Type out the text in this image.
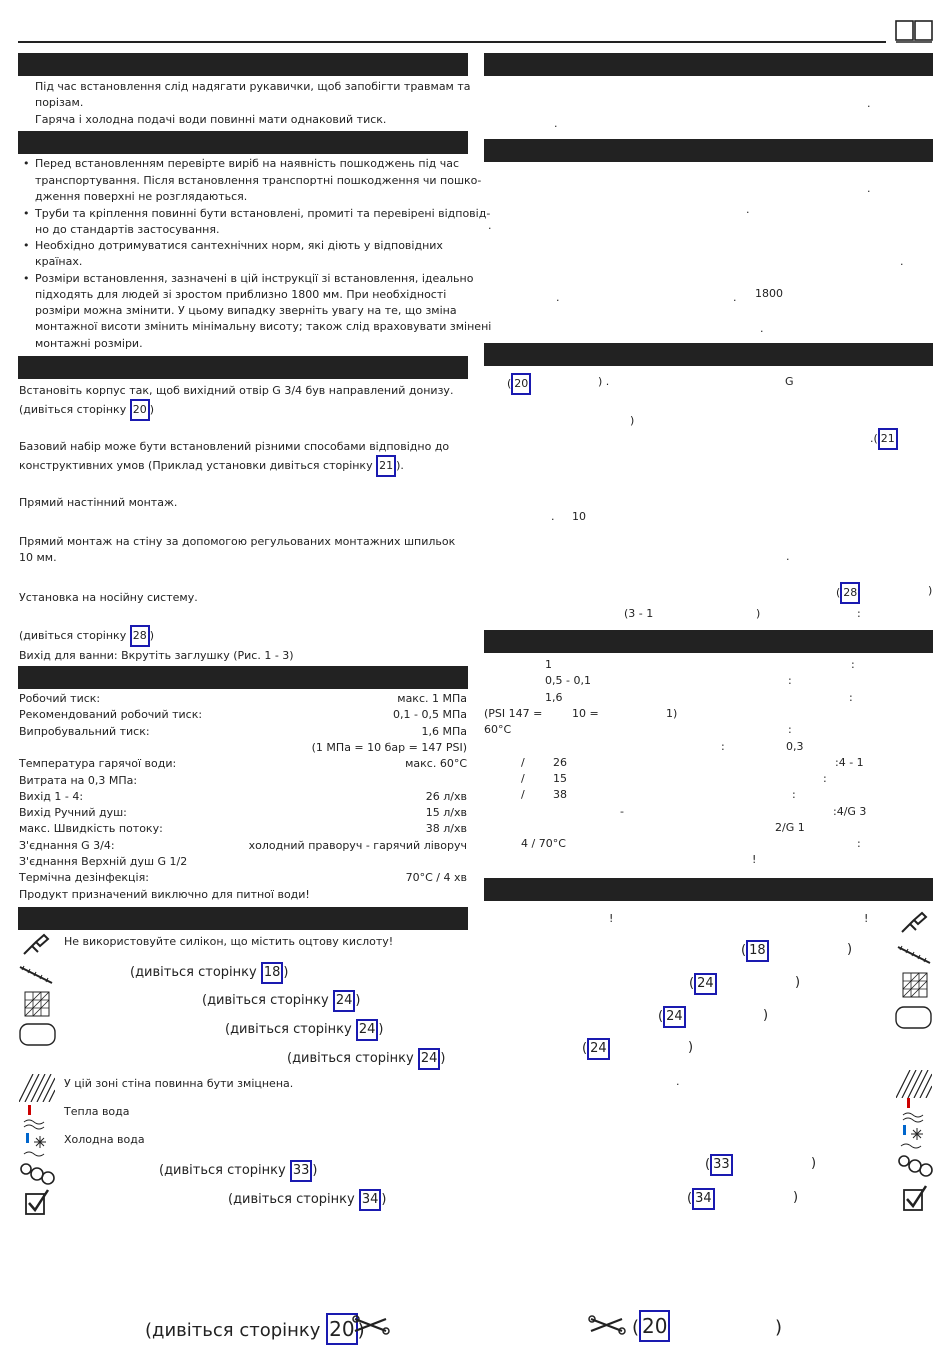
Під час встановлення слід надягати рукавички, щоб запобігти травмам та
порізам.
Гаряча і холодна подачі води повинні мати однаковий тиск.
• Перед встановленням перевірте виріб на наявність пошкоджень під час
транспортування. Після встановлення транспортні пошкодження чи пошко-
дження поверхні не розглядаються.
• Труби та кріплення повинні бути встановлені, промиті та перевірені відповід-
но до стандартів застосування.
• Необхідно дотримуватися сантехнічних норм, які діють у відповідних
країнах.
• Розміри встановлення, зазначені в цій інструкції зі встановлення, ідеально
підходять для людей зі зростом приблизно 1800 мм. При необхідності
розміри можна змінити. У цьому випадку зверніть увагу на те, що зміна
монтажної висоти змінить мінімальну висоту; також слід враховувати змінені
монтажні розміри.
Встановіть корпус так, щоб вихідний отвір G 3/4 був направлений донизу.
(дивіться сторінку 20 )
Базовий набір може бути встановлений різними способами відповідно до
конструктивних умов (Приклад установки дивіться сторінку 21 ).
Прямий настінний монтаж.
Прямий монтаж на стіну за допомогою регульованих монтажних шпильок
10 мм.
Установка на носійну систему.
(дивіться сторінку 28 )
Вихід для ванни: Вкрутіть заглушку (Рис. 1 - 3)
Робочий тиск:	макс. 1 МПа
Рекомендований робочий тиск:	0,1 - 0,5 МПа
Випробувальний тиск:	1,6 МПа
(1 МПа = 10 бар = 147 PSI)
Температура гарячої води:	макс. 60°C
Витрата на 0,3 МПа:
Вихід 1 - 4:	26 л/хв
Вихід Ручний душ:	15 л/хв
макс. Швидкість потоку:	38 л/хв
З'єднання G 3/4:	холодний праворуч - гарячий ліворуч
З'єднання Верхній душ G 1/2
Термічна дезінфекція:	70°C / 4 хв
Продукт призначений виключно для питної води!
Не використовуйте силікон, що містить оцтову кислоту!
(дивіться сторінку 18 )
(дивіться сторінку 24 )
(дивіться сторінку 24 )
(дивіться сторінку 24 )
У цій зоні стіна повинна бути зміцнена.
Тепла вода
Холодна вода
(дивіться сторінку 33 )
(дивіться сторінку 34 )
(дивіться сторінку 20 )
.
.
.
.
.
.
.	. 1800
.
( 20	) .	G
)
.( 21
. 10
.
( 28	)
(3 - 1	)	:
1	:
0,5 - 0,1	:
1,6	:
(PSI 147 =	10 =	1)
60°C	:
:	0,3
/	26	:4 - 1
/	15	:
/	38	:
-	:4/G 3
2/G 1
4 / 70°C	:
!
!	!
( 18	)
( 24	)
( 24	)
( 24	)
.
( 33	)
( 34	)
( 20	)
